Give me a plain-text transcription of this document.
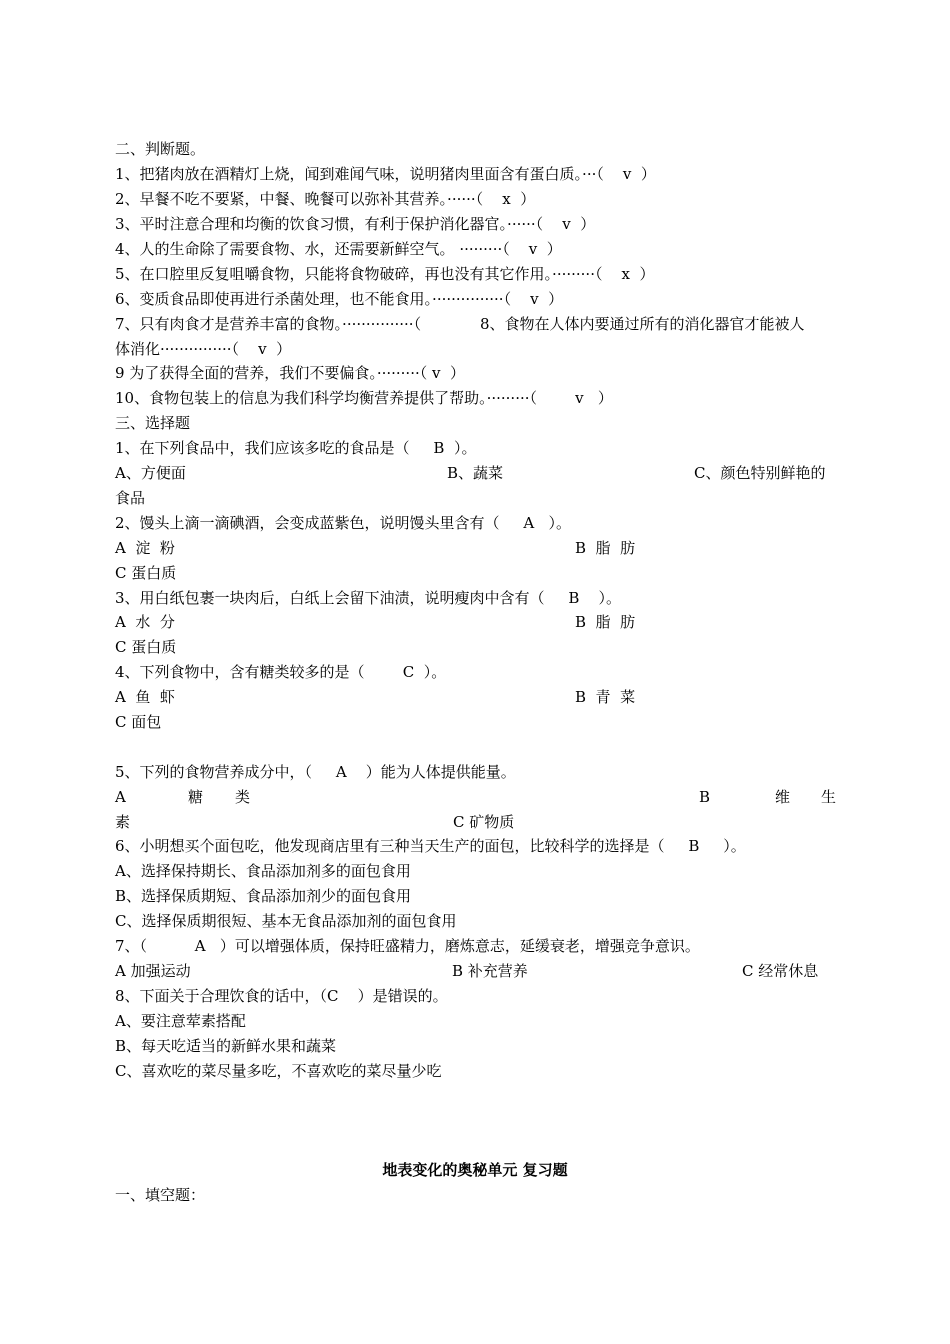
二、判断题。
1、把猪肉放在酒精灯上烧，闻到难闻气味，说明猪肉里面含有蛋白质。···（    v  ）
2、早餐不吃不要紧，中餐、晚餐可以弥补其营养。······（    x  ）
3、平时注意合理和均衡的饮食习惯，有利于保护消化器官。······（    v  ）
4、人的生命除了需要食物、水，还需要新鲜空气。 ·········（    v  ）
5、在口腔里反复咀嚼食物，只能将食物破碎，再也没有其它作用。·········（    x  ）
6、变质食品即使再进行杀菌处理，也不能食用。···············（    v  ）
7、只有肉食才是营养丰富的食物。···············（	8、食物在人体内要通过所有的消化器官才能被人
体消化···············（    v  ）
9 为了获得全面的营养，我们不要偏食。·········（ v  ）
10、食物包装上的信息为我们科学均衡营养提供了帮助。·········（        v   ）
三、选择题
1、在下列食品中，我们应该多吃的食品是（     B  ）。
A、方便面	B、蔬菜	C、颜色特别鲜艳的
食品
2、馒头上滴一滴碘酒，会变成蓝紫色，说明馒头里含有（     A   ）。
A  淀  粉	B  脂  肪
C 蛋白质
3、用白纸包裹一块肉后，白纸上会留下油渍，说明瘦肉中含有（     B    ）。
A  水  分	B  脂  肪
C 蛋白质
4、下列食物中，含有糖类较多的是（        C  ）。
A  鱼  虾	B  青  菜
C 面包
5、下列的食物营养成分中，（     A    ）能为人体提供能量。
A	糖 类	B	维 生
素	C 矿物质
6、小明想买个面包吃，他发现商店里有三种当天生产的面包，比较科学的选择是（     B     ）。
A、选择保持期长、食品添加剂多的面包食用
B、选择保质期短、食品添加剂少的面包食用
C、选择保质期很短、基本无食品添加剂的面包食用
7、（          A   ）可以增强体质，保持旺盛精力，磨炼意志，延缓衰老，增强竞争意识。
A 加强运动	B 补充营养	C 经常休息
8、下面关于合理饮食的话中，（C    ）是错误的。
A、要注意荤素搭配
B、每天吃适当的新鲜水果和蔬菜
C、喜欢吃的菜尽量多吃，不喜欢吃的菜尽量少吃
地表变化的奥秘单元 复习题
一、填空题：
